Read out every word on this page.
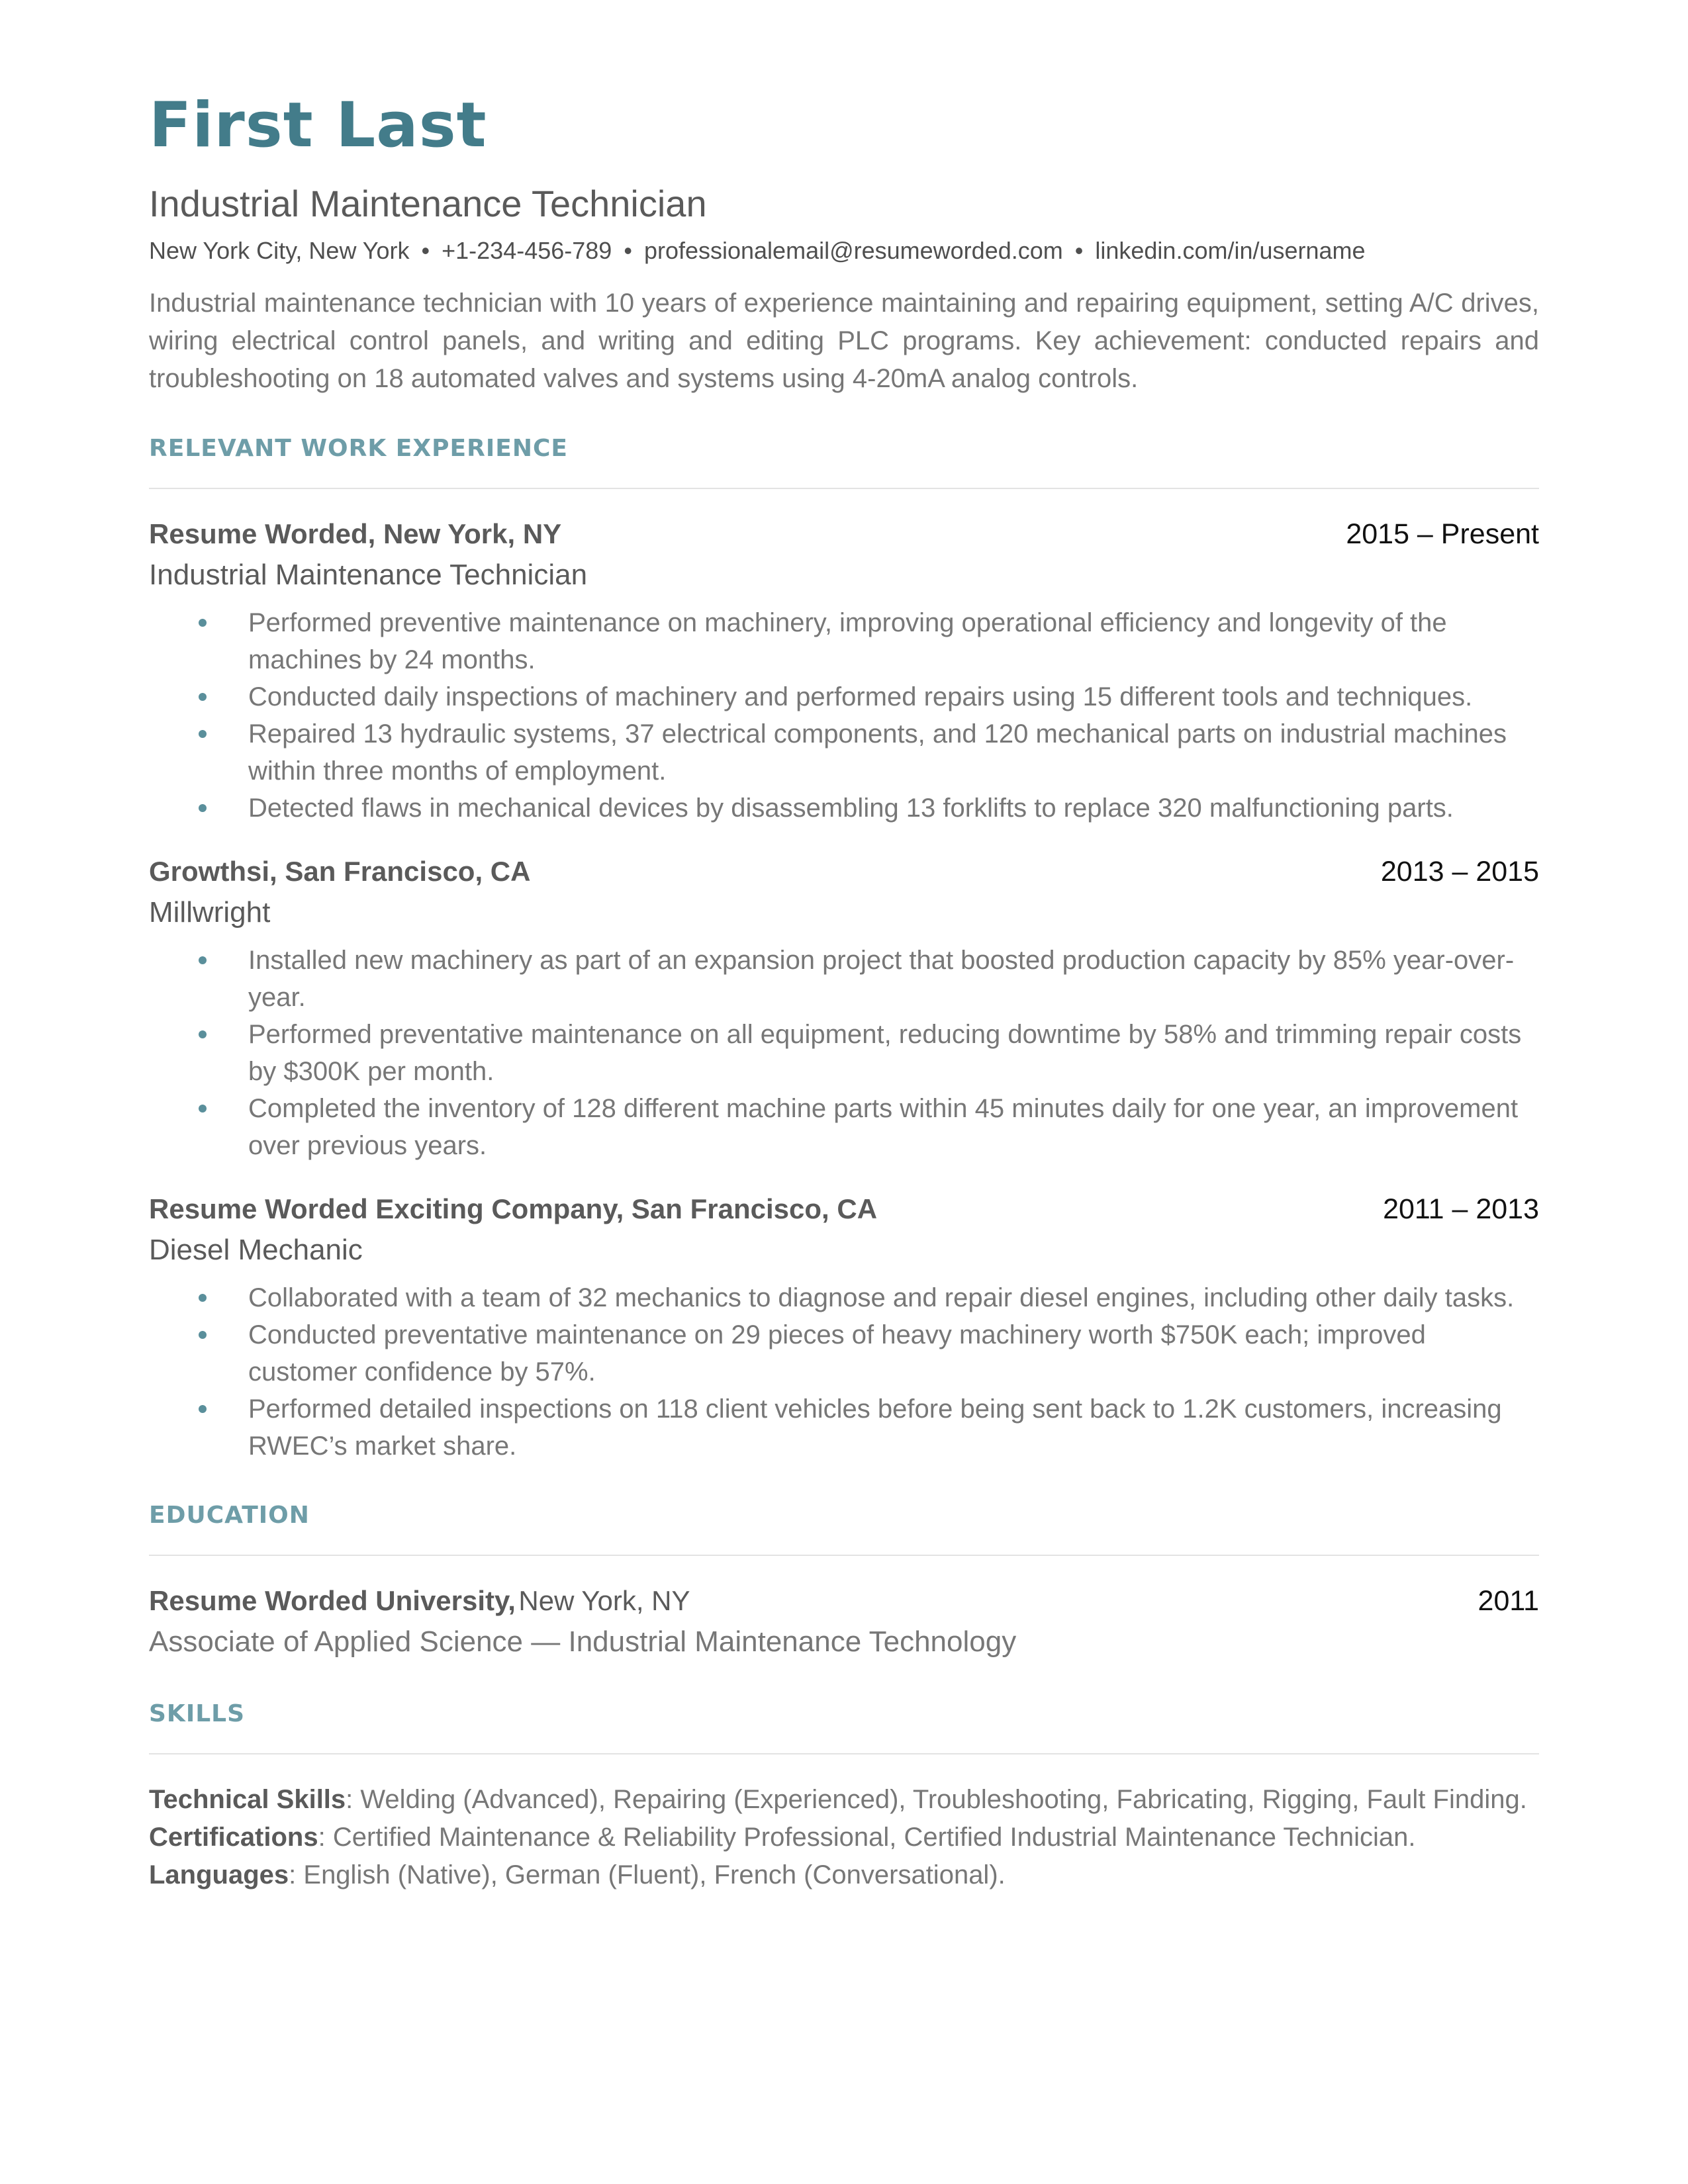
First Last
Industrial Maintenance Technician
New York City, New York • +1-234-456-789 • professionalemail@resumeworded.com • linkedin.com/in/username
Industrial maintenance technician with 10 years of experience maintaining and repairing equipment, setting A/C drives, wiring electrical control panels, and writing and editing PLC programs. Key achievement: conducted repairs and troubleshooting on 18 automated valves and systems using 4-20mA analog controls.
RELEVANT WORK EXPERIENCE
Resume Worded, New York, NY	2015 – Present
Industrial Maintenance Technician
Performed preventive maintenance on machinery, improving operational efficiency and longevity of the machines by 24 months.
Conducted daily inspections of machinery and performed repairs using 15 different tools and techniques.
Repaired 13 hydraulic systems, 37 electrical components, and 120 mechanical parts on industrial machines within three months of employment.
Detected flaws in mechanical devices by disassembling 13 forklifts to replace 320 malfunctioning parts.
Growthsi, San Francisco, CA	2013 – 2015
Millwright
Installed new machinery as part of an expansion project that boosted production capacity by 85% year-over-year.
Performed preventative maintenance on all equipment, reducing downtime by 58% and trimming repair costs by $300K per month.
Completed the inventory of 128 different machine parts within 45 minutes daily for one year, an improvement over previous years.
Resume Worded Exciting Company, San Francisco, CA	2011 – 2013
Diesel Mechanic
Collaborated with a team of 32 mechanics to diagnose and repair diesel engines, including other daily tasks.
Conducted preventative maintenance on 29 pieces of heavy machinery worth $750K each; improved customer confidence by 57%.
Performed detailed inspections on 118 client vehicles before being sent back to 1.2K customers, increasing RWEC’s market share.
EDUCATION
Resume Worded University, New York, NY	2011
Associate of Applied Science — Industrial Maintenance Technology
SKILLS
Technical Skills: Welding (Advanced), Repairing (Experienced), Troubleshooting, Fabricating, Rigging, Fault Finding.
Certifications: Certified Maintenance & Reliability Professional, Certified Industrial Maintenance Technician.
Languages: English (Native), German (Fluent), French (Conversational).
